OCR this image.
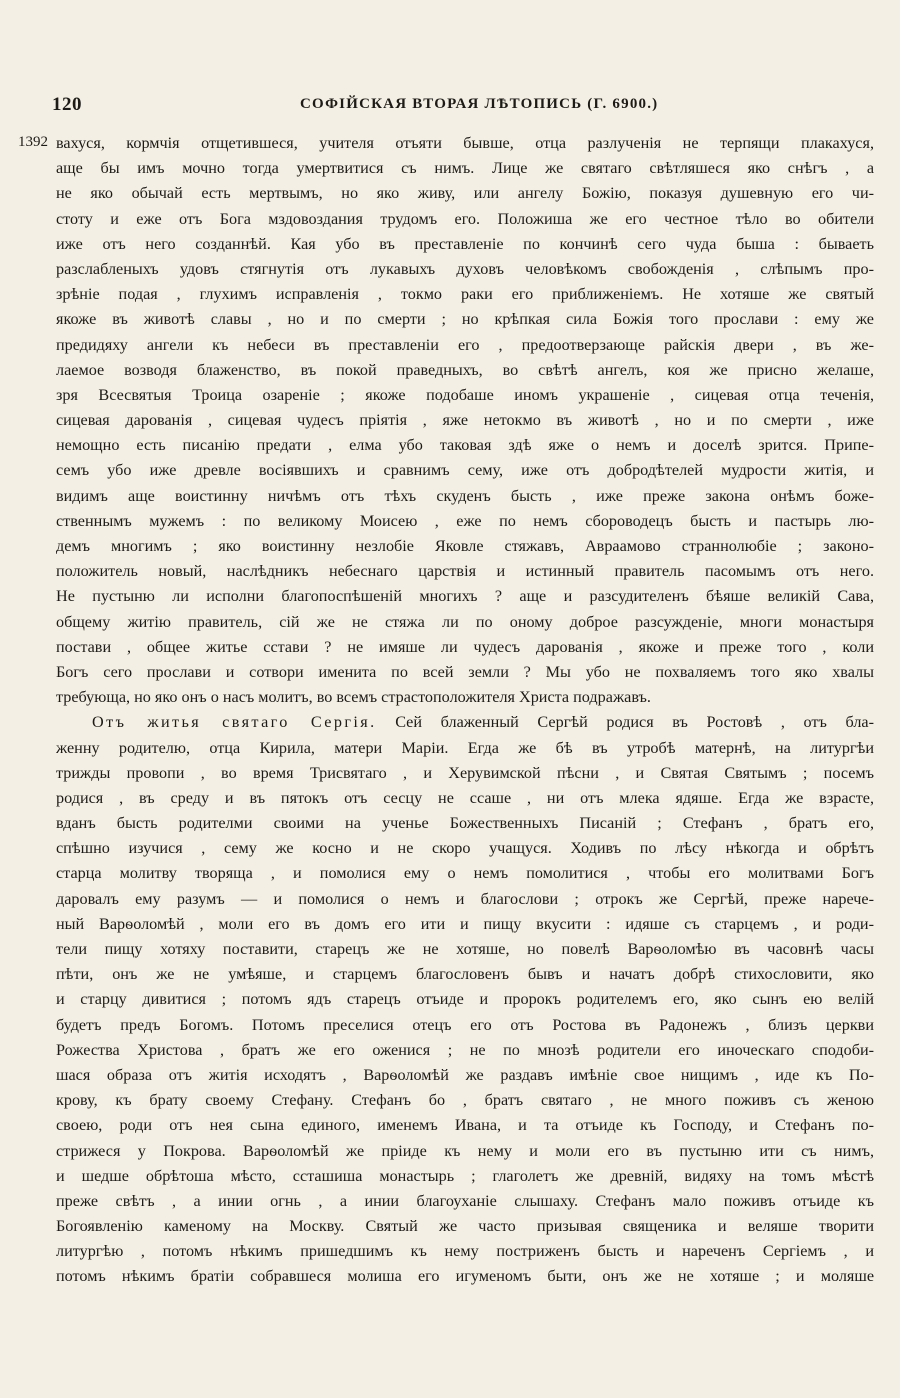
120	СОФІЙСКАЯ ВТОРАЯ ЛѢТОПИСЬ (Г. 6900.)
1392 вахуся, кормчія отщетившеся, учителя отъяти бывше, отца разлученія не терпящи плакахуся,
аще бы имъ мочно тогда умертвитися съ нимъ. Лице же святаго свѣтляшеся яко снѣгъ , а
не яко обычай есть мертвымъ, но яко живу, или ангелу Божію, показуя душевную его чи-
стоту и еже отъ Бога мздовоздания трудомъ его. Положиша же его честное тѣло во обители
иже отъ него созданнѣй. Кая убо въ преставленіе по кончинѣ сего чуда быша : бываеть
разслабленыхъ удовъ стягнутія отъ лукавыхъ духовъ человѣкомъ свобожденія , слѣпымъ про-
зрѣніе подая , глухимъ исправленія , токмо раки его приближеніемъ. Не хотяше же святый
якоже въ животѣ славы , но и по смерти ; но крѣпкая сила Божія того прослави : ему же
предидяху ангели къ небеси въ преставленіи его , предоотверзающе райскія двери , въ же-
лаемое возводя блаженство, въ покой праведныхъ, во свѣтѣ ангелъ, коя же присно желаше,
зря Всесвятыя Троица озареніе ; якоже подобаше иномъ украшеніе , сицевая отца теченія,
сицевая дарованія , сицевая чудесъ пріятія , яже нетокмо въ животѣ , но и по смерти , иже
немощно есть писанію предати , елма убо таковая здѣ яже о немъ и доселѣ зрится. Припе-
семъ убо иже древле восіявшихъ и сравнимъ сему, иже отъ добродѣтелей мудрости житія, и
видимъ аще воистинну ничѣмъ отъ тѣхъ скуденъ бысть , иже преже закона онѣмъ боже-
ственнымъ мужемъ : по великому Моисею , еже по немъ сбороводецъ бысть и пастырь лю-
демъ многимъ ; яко воистинну незлобіе Яковле стяжавъ, Авраамово страннолюбіе ; законо-
положитель новый, наслѣдникъ небеснаго царствія и истинный правитель пасомымъ отъ него.
Не пустыню ли исполни благопоспѣшеній многихъ ? аще и разсудителенъ бѣяше великій Сава,
общему житію правитель, сій же не стяжа ли по оному доброе разсужденіе, многи монастыря
постави , общее житье сстави ? не имяше ли чудесъ дарованія , якоже и преже того , коли
Богъ сего прослави и сотвори именита по всей земли ? Мы убо не похваляемъ того яко хвалы
требующа, но яко онъ о насъ молитъ, во всемъ страстоположителя Христа подражавъ.
Отъ житья святаго Сергія. Сей блаженный Сергѣй родися въ Ростовѣ , отъ бла-
женну родителю, отца Кирила, матери Маріи. Егда же бѣ въ утробѣ матернѣ, на литургѣи
трижды провопи , во время Трисвятаго , и Херувимской пѣсни , и Святая Святымъ ; посемъ
родися , въ среду и въ пятокъ отъ сесцу не ссаше , ни отъ млека ядяше. Егда же взрасте,
вданъ бысть родителми своими на ученье Божественныхъ Писаній ; Стефанъ , братъ его,
спѣшно изучися , сему же косно и не скоро учащуся. Ходивъ по лѣсу нѣкогда и обрѣтъ
старца молитву творяща , и помолися ему о немъ помолитися , чтобы его молитвами Богъ
даровалъ ему разумъ — и помолися о немъ и благослови ; отрокъ же Сергѣй, преже нарече-
ный Варѳоломѣй , моли его въ домъ его ити и пищу вкусити : идяше съ старцемъ , и роди-
тели пищу хотяху поставити, старецъ же не хотяше, но повелѣ Варѳоломѣю въ часовнѣ часы
пѣти, онъ же не умѣяше, и старцемъ благословенъ бывъ и начатъ добрѣ стихословити, яко
и старцу дивитися ; потомъ ядъ старецъ отъиде и пророкъ родителемъ его, яко сынъ ею велій
будетъ предъ Богомъ. Потомъ преселися отецъ его отъ Ростова въ Радонежъ , близъ церкви
Рожества Христова , братъ же его оженися ; не по мнозѣ родители его иноческаго сподоби-
шася образа отъ житія исходятъ , Варѳоломѣй же раздавъ имѣніе свое нищимъ , иде къ По-
крову, къ брату своему Стефану. Стефанъ бо , братъ святаго , не много поживъ съ женою
своею, роди отъ нея сына единого, именемъ Ивана, и та отъиде къ Господу, и Стефанъ по-
стрижеся у Покрова. Варѳоломѣй же пріиде къ нему и моли его въ пустыню ити съ нимъ,
и шедше обрѣтоша мѣсто, ссташиша монастырь ; глаголетъ же древній, видяху на томъ мѣстѣ
преже свѣтъ , а инии огнь , а инии благоуханіе слышаху. Стефанъ мало поживъ отъиде къ
Богоявленію каменому на Москву. Святый же часто призывая священика и веляше творити
литургѣю , потомъ нѣкимъ пришедшимъ къ нему постриженъ бысть и нареченъ Сергіемъ , и
потомъ нѣкимъ братіи собравшеся молиша его игуменомъ быти, онъ же не хотяше ; и моляше
